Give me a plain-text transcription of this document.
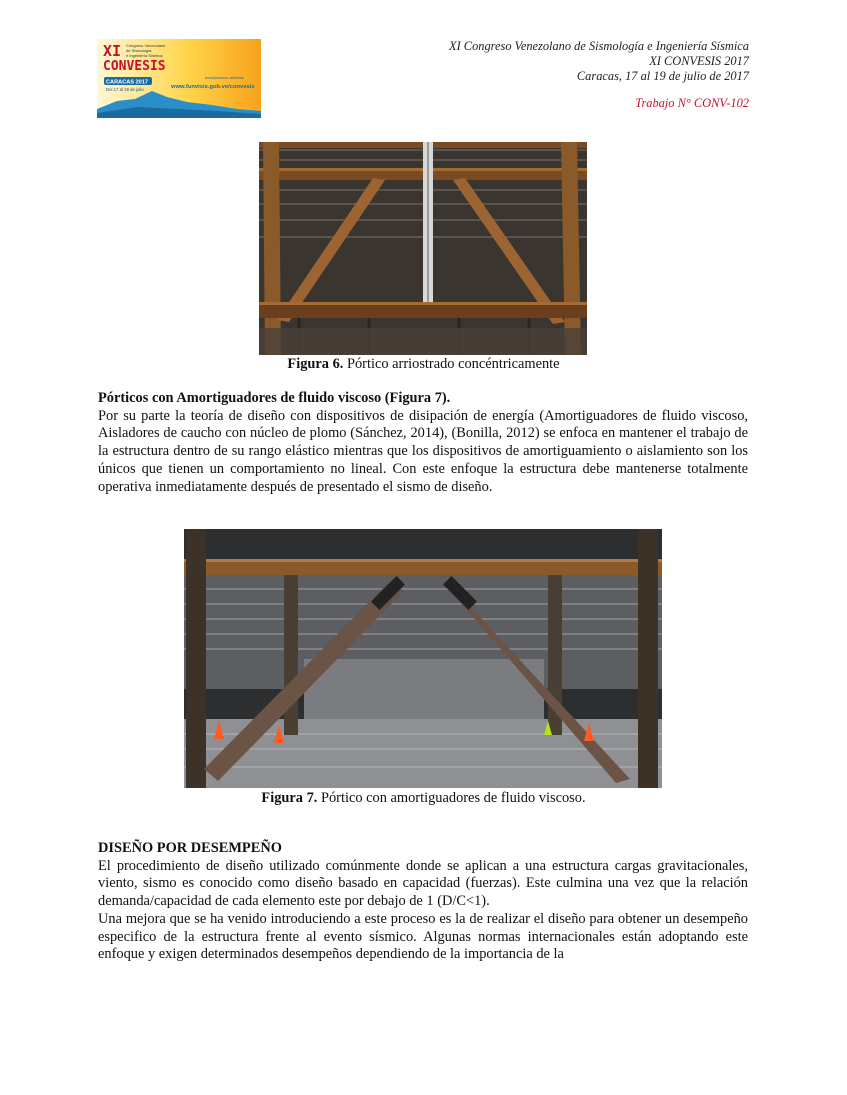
XI
CONVESIS
Congreso Venezolano
de Sismología
e Ingeniería Sísmica
CARACAS 2017
Del 17 al 19 de julio
Inscripciones abiertas
www.funvisis.gob.ve/convesis
XI Congreso Venezolano de Sismología e Ingeniería Sísmica
XI CONVESIS 2017
Caracas, 17 al 19 de julio de 2017
Trabajo N° CONV-102
Figura 6. Pórtico arriostrado concéntricamente
Pórticos con Amortiguadores de fluido viscoso (Figura 7).

Por su parte la teoría de diseño con dispositivos de disipación de energía (Amortiguadores de fluido viscoso, Aisladores de caucho con núcleo de plomo (Sánchez, 2014), (Bonilla, 2012) se enfoca en mantener el trabajo de la estructura dentro de su rango elástico mientras que los dispositivos de amortiguamiento o aislamiento son los únicos que tienen un comportamiento no lineal. Con este enfoque la estructura debe mantenerse totalmente operativa inmediatamente después de presentado el sismo de diseño.

Figura 7. Pórtico con amortiguadores de fluido viscoso.
DISEÑO POR DESEMPEÑO

El procedimiento de diseño utilizado comúnmente donde se aplican a una estructura cargas gravitacionales, viento, sismo es conocido como diseño basado en capacidad (fuerzas). Este culmina una vez que la relación demanda/capacidad de cada elemento este por debajo de 1 (D/C<1).

Una mejora que se ha venido introduciendo a este proceso es la de realizar el diseño para obtener un desempeño especifico de la estructura frente al evento sísmico. Algunas normas internacionales están adoptando este enfoque y exigen determinados desempeños dependiendo de la importancia de la
